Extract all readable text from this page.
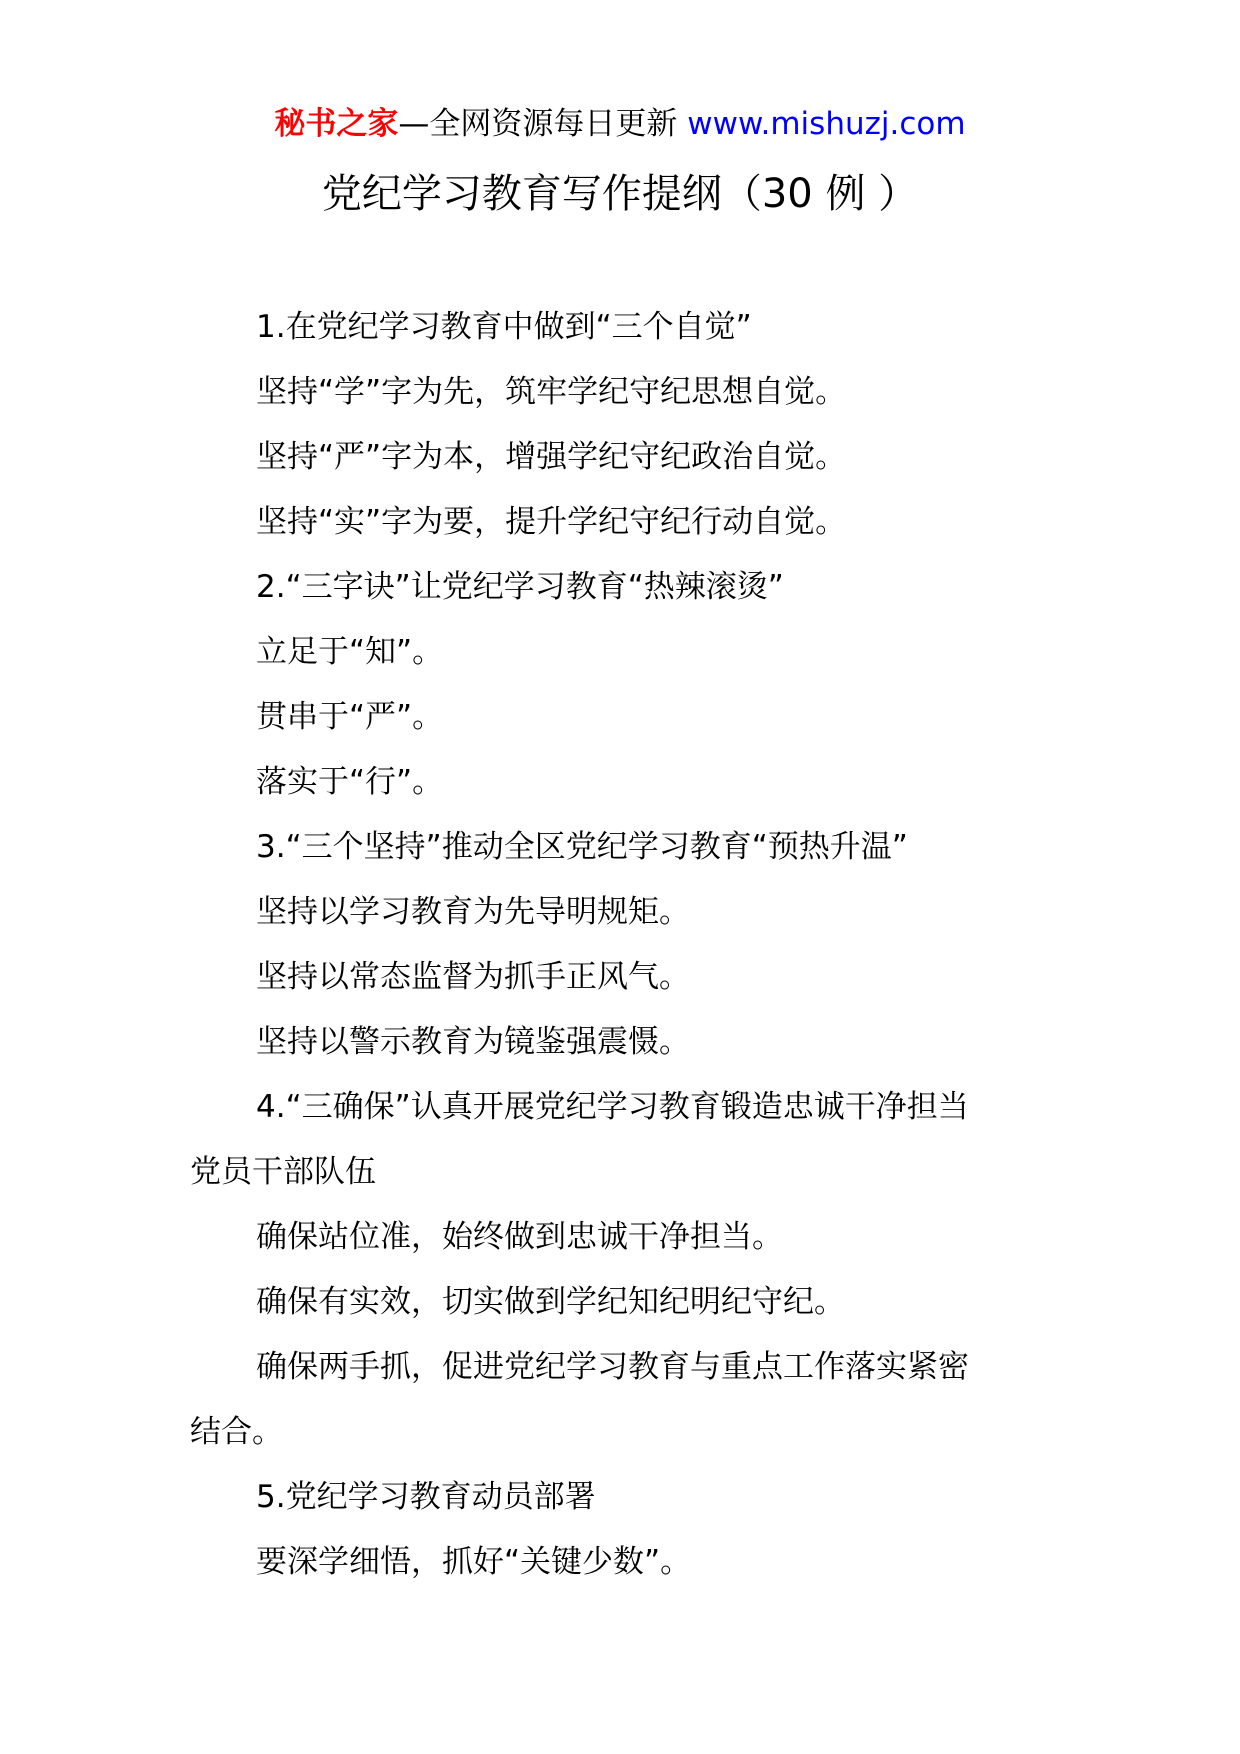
秘书之家—全网资源每日更新 www.mishuzj.com
党纪学习教育写作提纲（30 例 ）
1.在党纪学习教育中做到“三个自觉”
坚持“学”字为先，筑牢学纪守纪思想自觉。
坚持“严”字为本，增强学纪守纪政治自觉。
坚持“实”字为要，提升学纪守纪行动自觉。
2.“三字诀”让党纪学习教育“热辣滚烫”
立足于“知”。
贯串于“严”。
落实于“行”。
3.“三个坚持”推动全区党纪学习教育“预热升温”
坚持以学习教育为先导明规矩。
坚持以常态监督为抓手正风气。
坚持以警示教育为镜鉴强震慑。
4.“三确保”认真开展党纪学习教育锻造忠诚干净担当
党员干部队伍
确保站位准，始终做到忠诚干净担当。
确保有实效，切实做到学纪知纪明纪守纪。
确保两手抓，促进党纪学习教育与重点工作落实紧密
结合。
5.党纪学习教育动员部署
要深学细悟，抓好“关键少数”。
